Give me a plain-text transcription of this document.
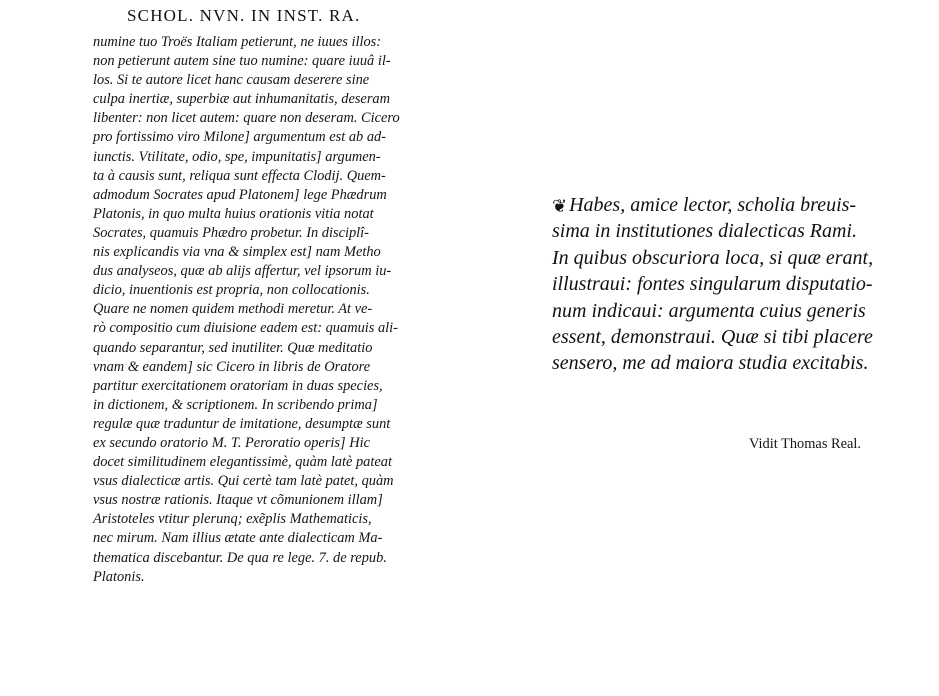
SCHOL. NVN. IN INST. RA.
numine tuo Troës Italiam petierunt, ne iuues illos:
non petierunt autem sine tuo numine: quare iuuâ il-
los. Si te autore licet hanc causam deserere sine
culpa inertiæ, superbiæ aut inhumanitatis, deseram
libenter: non licet autem: quare non deseram. Cicero
pro fortissimo viro Milone] argumentum est ab ad-
iunctis. Vtilitate, odio, spe, impunitatis] argumen-
ta à causis sunt, reliqua sunt effecta Clodij. Quem-
admodum Socrates apud Platonem] lege Phædrum
Platonis, in quo multa huius orationis vitia notat
Socrates, quamuis Phædro probetur. In disciplî-
nis explicandis via vna & simplex est] nam Metho
dus analyseos, quæ ab alijs affertur, vel ipsorum iu-
dicio, inuentionis est propria, non collocationis.
Quare ne nomen quidem methodi meretur. At ve-
rò compositio cum diuisione eadem est: quamuis ali-
quando separantur, sed inutiliter. Quæ meditatio
vnam & eandem] sic Cicero in libris de Oratore
partitur exercitationem oratoriam in duas species,
in dictionem, & scriptionem. In scribendo prima]
regulæ quæ traduntur de imitatione, desumptæ sunt
ex secundo oratorio M. T. Peroratio operis] Hic
docet similitudinem elegantissimè, quàm latè pateat
vsus dialecticæ artis. Qui certè tam latè patet, quàm
vsus nostræ rationis. Itaque vt cõmunionem illam]
Aristoteles vtitur plerunq; exẽplis Mathematicis,
nec mirum. Nam illius ætate ante dialecticam Ma-
thematica discebantur. De qua re lege. 7. de repub.
Platonis.
❦ Habes, amice lector, scholia breuis-
sima in institutiones dialecticas Rami.
In quibus obscuriora loca, si quæ erant,
illustraui: fontes singularum disputatio-
num indicaui: argumenta cuius generis
essent, demonstraui. Quæ si tibi placere
sensero, me ad maiora studia excitabis.
Vidit Thomas Real.
